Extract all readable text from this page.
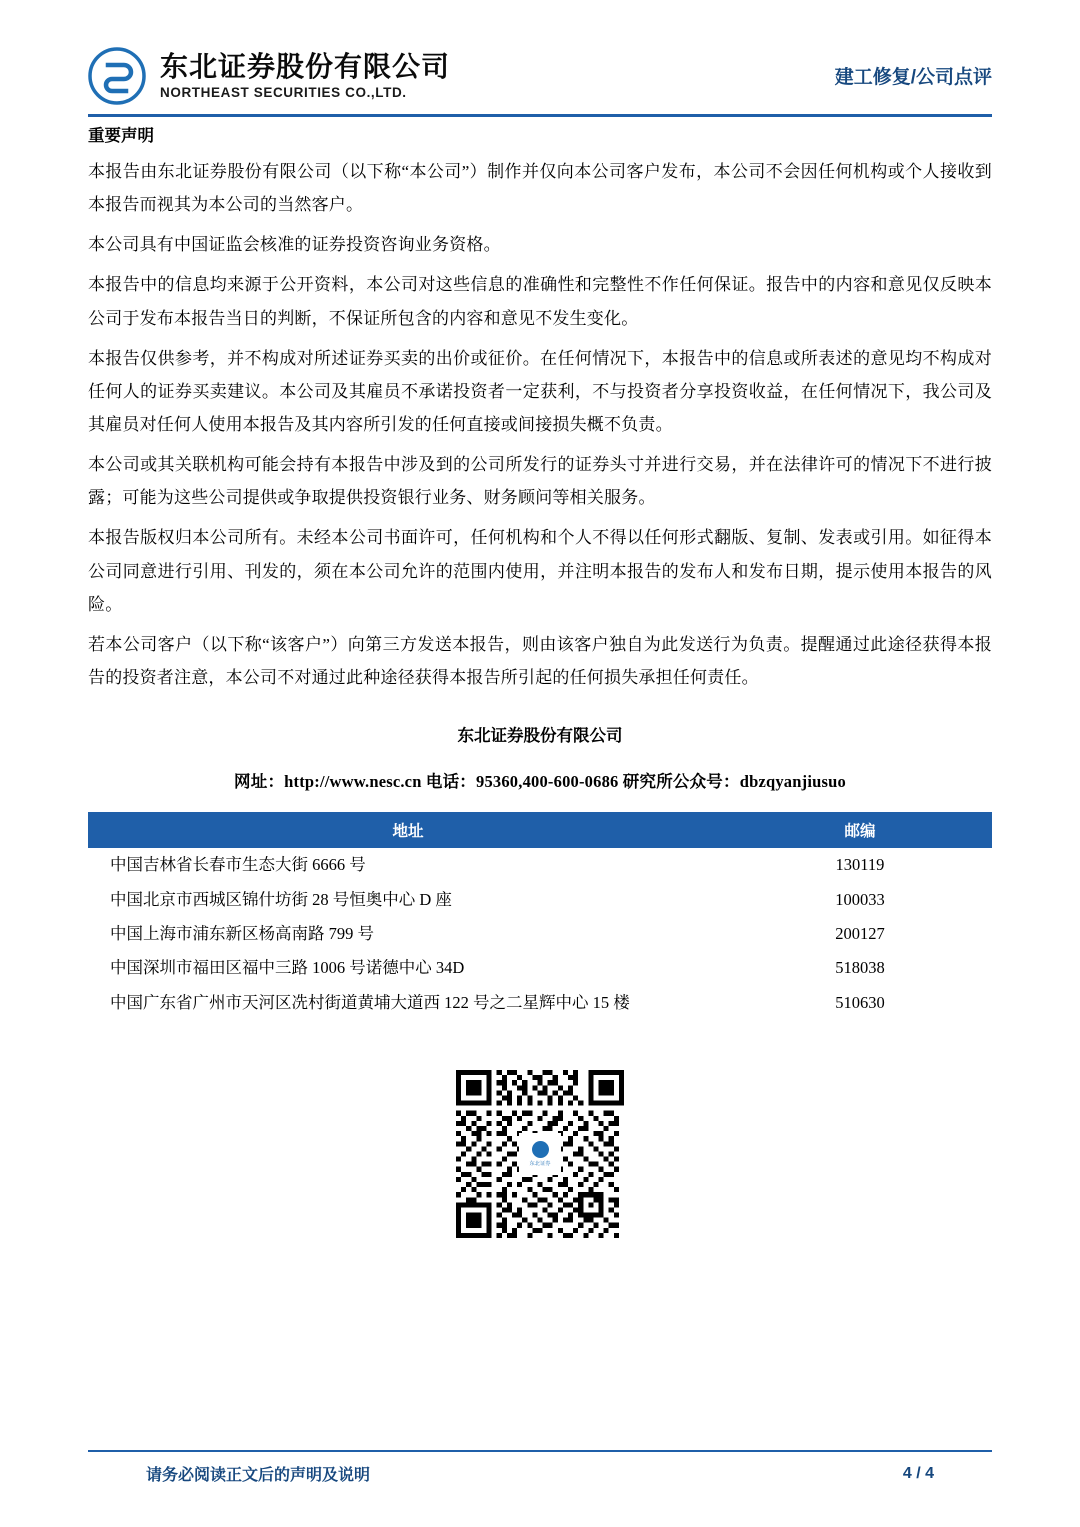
东北证券股份有限公司
NORTHEAST SECURITIES CO.,LTD.
建工修复/公司点评
重要声明

本报告由东北证券股份有限公司（以下称“本公司”）制作并仅向本公司客户发布，本公司不会因任何机构或个人接收到本报告而视其为本公司的当然客户。

本公司具有中国证监会核准的证券投资咨询业务资格。

本报告中的信息均来源于公开资料，本公司对这些信息的准确性和完整性不作任何保证。报告中的内容和意见仅反映本公司于发布本报告当日的判断，不保证所包含的内容和意见不发生变化。

本报告仅供参考，并不构成对所述证券买卖的出价或征价。在任何情况下，本报告中的信息或所表述的意见均不构成对任何人的证券买卖建议。本公司及其雇员不承诺投资者一定获利，不与投资者分享投资收益，在任何情况下，我公司及其雇员对任何人使用本报告及其内容所引发的任何直接或间接损失概不负责。

本公司或其关联机构可能会持有本报告中涉及到的公司所发行的证券头寸并进行交易，并在法律许可的情况下不进行披露；可能为这些公司提供或争取提供投资银行业务、财务顾问等相关服务。

本报告版权归本公司所有。未经本公司书面许可，任何机构和个人不得以任何形式翻版、复制、发表或引用。如征得本公司同意进行引用、刊发的，须在本公司允许的范围内使用，并注明本报告的发布人和发布日期，提示使用本报告的风险。

若本公司客户（以下称“该客户”）向第三方发送本报告，则由该客户独自为此发送行为负责。提醒通过此途径获得本报告的投资者注意，本公司不对通过此种途径获得本报告所引起的任何损失承担任何责任。

东北证券股份有限公司
网址：http://www.nesc.cn 电话：95360,400-600-0686 研究所公众号：dbzqyanjiusuo
地址	邮编
中国吉林省长春市生态大街 6666 号	130119
中国北京市西城区锦什坊街 28 号恒奥中心 D 座	100033
中国上海市浦东新区杨高南路 799 号	200127
中国深圳市福田区福中三路 1006 号诺德中心 34D	518038
中国广东省广州市天河区冼村街道黄埔大道西 122 号之二星辉中心 15 楼	510630
东北证券
请务必阅读正文后的声明及说明	4 / 4
